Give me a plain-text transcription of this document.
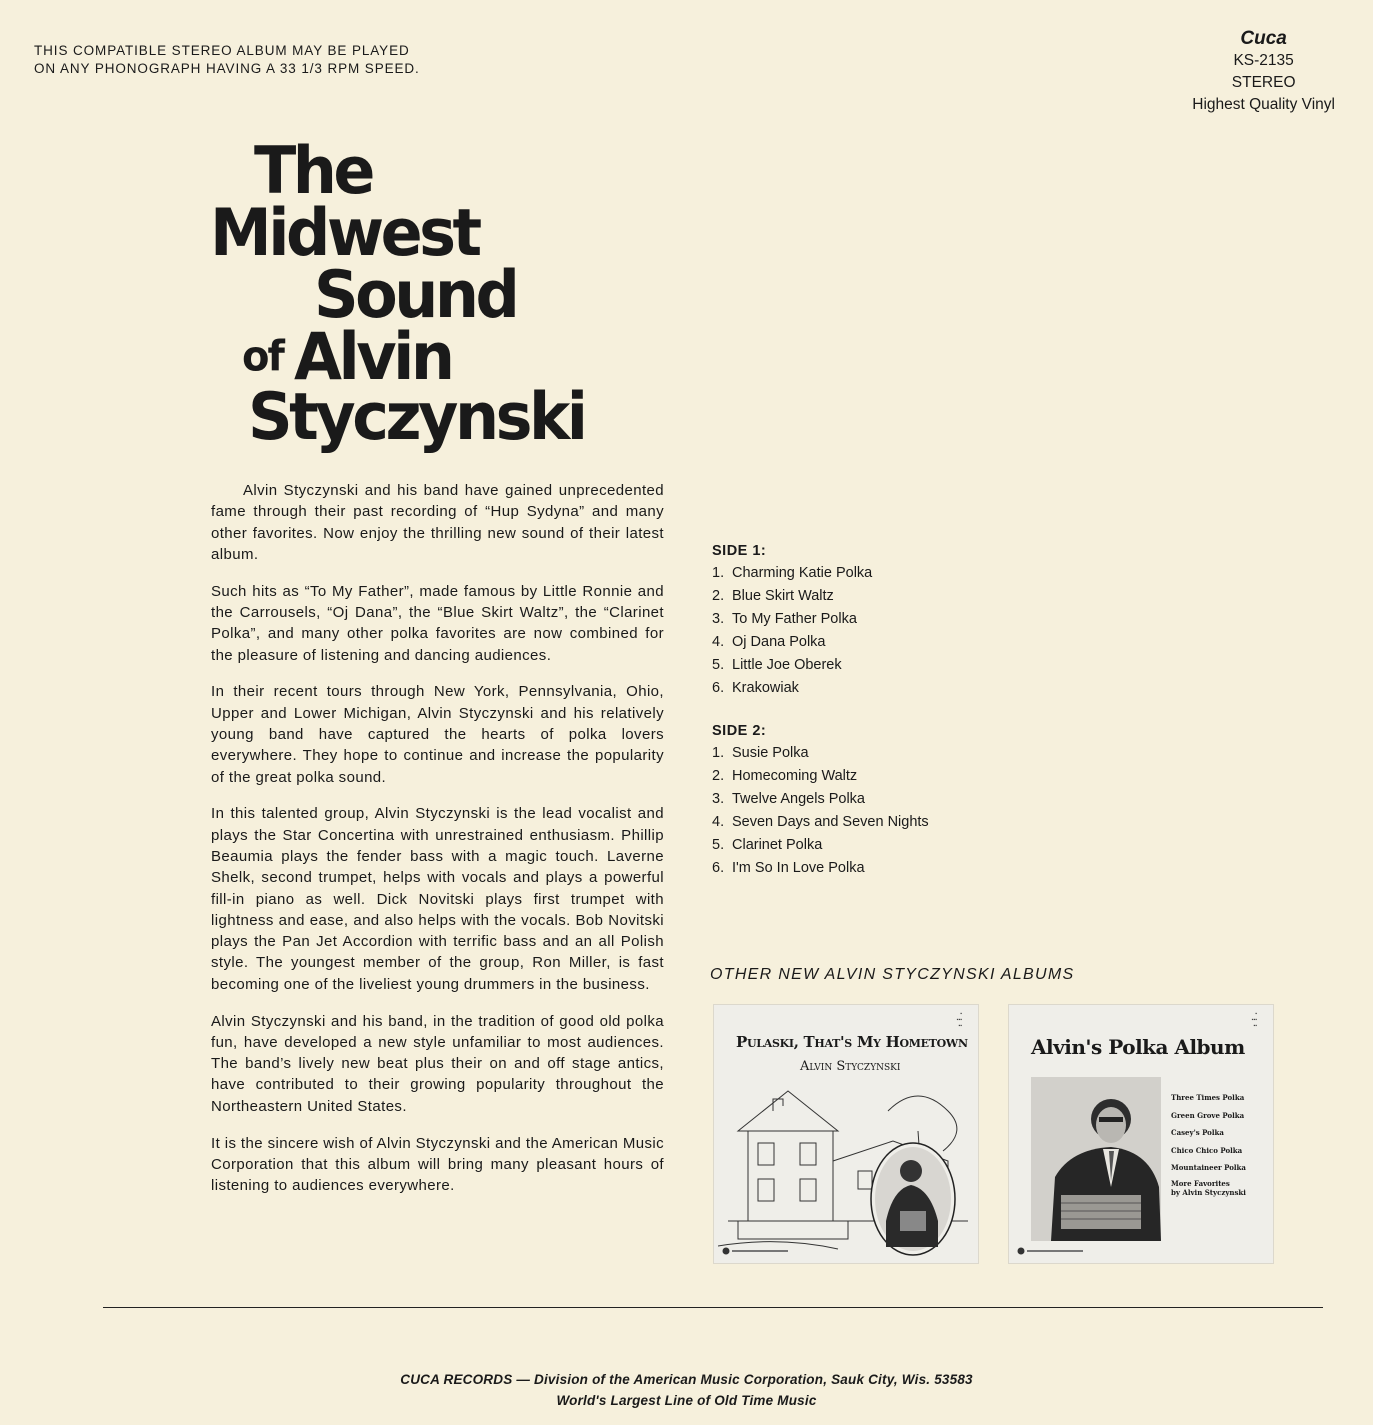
THIS COMPATIBLE STEREO ALBUM MAY BE PLAYED
ON ANY PHONOGRAPH HAVING A 33 1/3 RPM SPEED.
Cuca
KS-2135
STEREO
Highest Quality Vinyl
The
Midwest
Sound
of Alvin
Styczynski

Alvin Styczynski and his band have gained unprecedented fame through their past recording of “Hup Sydyna” and many other favorites. Now enjoy the thrilling new sound of their latest album.

Such hits as “To My Father”, made famous by Little Ronnie and the Carrousels, “Oj Dana”, the “Blue Skirt Waltz”, the “Clarinet Polka”, and many other polka favorites are now combined for the pleasure of listening and dancing audiences.

In their recent tours through New York, Pennsylvania, Ohio, Upper and Lower Michigan, Alvin Styczynski and his relatively young band have captured the hearts of polka lovers everywhere. They hope to continue and increase the popularity of the great polka sound.

In this talented group, Alvin Styczynski is the lead vocalist and plays the Star Concertina with unrestrained enthusiasm. Phillip Beaumia plays the fender bass with a magic touch. Laverne Shelk, second trumpet, helps with vocals and plays a powerful fill-in piano as well. Dick Novitski plays first trumpet with lightness and ease, and also helps with the vocals. Bob Novitski plays the Pan Jet Accordion with terrific bass and an all Polish style. The youngest member of the group, Ron Miller, is fast becoming one of the liveliest young drummers in the business.

Alvin Styczynski and his band, in the tradition of good old polka fun, have developed a new style unfamiliar to most audiences. The band’s lively new beat plus their on and off stage antics, have contributed to their growing popularity throughout the Northeastern United States.

It is the sincere wish of Alvin Styczynski and the American Music Corporation that this album will bring many pleasant hours of listening to audiences everywhere.

SIDE 1:
1. Charming Katie Polka
2. Blue Skirt Waltz
3. To My Father Polka
4. Oj Dana Polka
5. Little Joe Oberek
6. Krakowiak
SIDE 2:
1. Susie Polka
2. Homecoming Waltz
3. Twelve Angels Polka
4. Seven Days and Seven Nights
5. Clarinet Polka
6. I'm So In Love Polka
OTHER NEW ALVIN STYCZYNSKI ALBUMS
▪
▪▪▪
▪▪
Pulaski, That's My Hometown
Alvin Styczynski
▪
▪▪▪
▪▪
Alvin's Polka Album
Three Times Polka
Green Grove Polka
Casey's Polka
Chico Chico Polka
Mountaineer Polka
More Favorites
by Alvin Styczynski
CUCA RECORDS — Division of the American Music Corporation, Sauk City, Wis. 53583
World's Largest Line of Old Time Music
